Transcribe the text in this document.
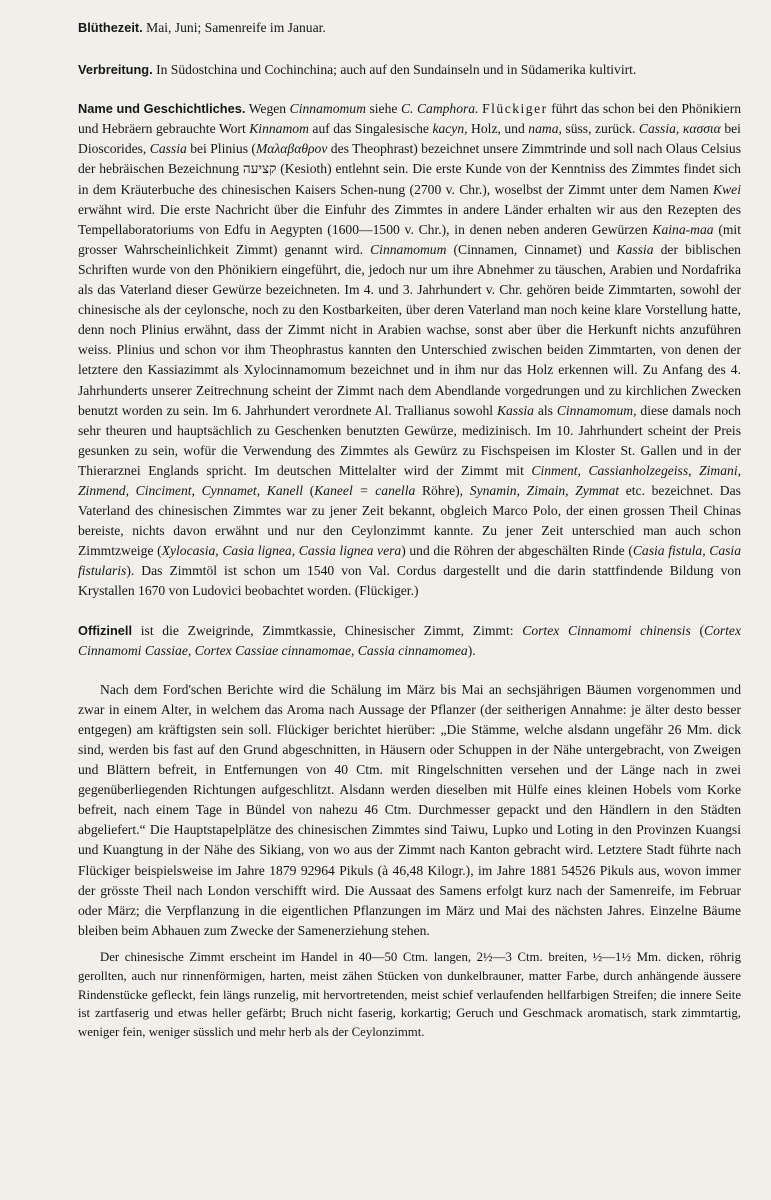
Blüthezeit. Mai, Juni; Samenreife im Januar.

Verbreitung. In Südostchina und Cochinchina; auch auf den Sundainseln und in Südamerika kultivirt.

Name und Geschichtliches. Wegen Cinnamomum siehe C. Camphora. Flückiger führt das schon bei den Phönikiern und Hebräern gebrauchte Wort Kinnamom auf das Singalesische kacyn, Holz, und nama, süss, zurück. Cassia, κασσια bei Dioscorides, Cassia bei Plinius (Μαλαβαθρον des Theophrast) bezeichnet unsere Zimmtrinde und soll nach Olaus Celsius der hebräischen Bezeichnung קציעה (Kesioth) entlehnt sein. Die erste Kunde von der Kenntniss des Zimmtes findet sich in dem Kräuterbuche des chinesischen Kaisers Schen-nung (2700 v. Chr.), woselbst der Zimmt unter dem Namen Kwei erwähnt wird. Die erste Nachricht über die Einfuhr des Zimmtes in andere Länder erhalten wir aus den Rezepten des Tempellaboratoriums von Edfu in Aegypten (1600—1500 v. Chr.), in denen neben anderen Gewürzen Kaina-maa (mit grosser Wahrscheinlichkeit Zimmt) genannt wird. Cinnamomum (Cinnamen, Cinnamet) und Kassia der biblischen Schriften wurde von den Phönikiern eingeführt, die, jedoch nur um ihre Abnehmer zu täuschen, Arabien und Nordafrika als das Vaterland dieser Gewürze bezeichneten. Im 4. und 3. Jahrhundert v. Chr. gehören beide Zimmtarten, sowohl der chinesische als der ceylonsche, noch zu den Kostbarkeiten, über deren Vaterland man noch keine klare Vorstellung hatte, denn noch Plinius erwähnt, dass der Zimmt nicht in Arabien wachse, sonst aber über die Herkunft nichts anzuführen weiss. Plinius und schon vor ihm Theophrastus kannten den Unterschied zwischen beiden Zimmtarten, von denen der letztere den Kassiazimmt als Xylocinnamomum bezeichnet und in ihm nur das Holz erkennen will. Zu Anfang des 4. Jahrhunderts unserer Zeitrechnung scheint der Zimmt nach dem Abendlande vorgedrungen und zu kirchlichen Zwecken benutzt worden zu sein. Im 6. Jahrhundert verordnete Al. Trallianus sowohl Kassia als Cinnamomum, diese damals noch sehr theuren und hauptsächlich zu Geschenken benutzten Gewürze, medizinisch. Im 10. Jahrhundert scheint der Preis gesunken zu sein, wofür die Verwendung des Zimmtes als Gewürz zu Fischspeisen im Kloster St. Gallen und in der Thierarznei Englands spricht. Im deutschen Mittelalter wird der Zimmt mit Cinment, Cassianholzegeiss, Zimani, Zinmend, Cinciment, Cynnamet, Kanell (Kaneel = canella Röhre), Synamin, Zimain, Zymmat etc. bezeichnet. Das Vaterland des chinesischen Zimmtes war zu jener Zeit bekannt, obgleich Marco Polo, der einen grossen Theil Chinas bereiste, nichts davon erwähnt und nur den Ceylonzimmt kannte. Zu jener Zeit unterschied man auch schon Zimmtzweige (Xylocasia, Casia lignea, Cassia lignea vera) und die Röhren der abgeschälten Rinde (Casia fistula, Casia fistularis). Das Zimmtöl ist schon um 1540 von Val. Cordus dargestellt und die darin stattfindende Bildung von Krystallen 1670 von Ludovici beobachtet worden. (Flückiger.)

Offizinell ist die Zweigrinde, Zimmtkassie, Chinesischer Zimmt, Zimmt: Cortex Cinnamomi chinensis (Cortex Cinnamomi Cassiae, Cortex Cassiae cinnamomae, Cassia cinnamomea).

Nach dem Ford'schen Berichte wird die Schälung im März bis Mai an sechsjährigen Bäumen vorgenommen und zwar in einem Alter, in welchem das Aroma nach Aussage der Pflanzer (der seitherigen Annahme: je älter desto besser entgegen) am kräftigsten sein soll. Flückiger berichtet hierüber: „Die Stämme, welche alsdann ungefähr 26 Mm. dick sind, werden bis fast auf den Grund abgeschnitten, in Häusern oder Schuppen in der Nähe untergebracht, von Zweigen und Blättern befreit, in Entfernungen von 40 Ctm. mit Ringelschnitten versehen und der Länge nach in zwei gegenüberliegenden Richtungen aufgeschlitzt. Alsdann werden dieselben mit Hülfe eines kleinen Hobels vom Korke befreit, nach einem Tage in Bündel von nahezu 46 Ctm. Durchmesser gepackt und den Händlern in den Städten abgeliefert.“ Die Hauptstapelplätze des chinesischen Zimmtes sind Taiwu, Lupko und Loting in den Provinzen Kuangsi und Kuangtung in der Nähe des Sikiang, von wo aus der Zimmt nach Kanton gebracht wird. Letztere Stadt führte nach Flückiger beispielsweise im Jahre 1879 92964 Pikuls (à 46,48 Kilogr.), im Jahre 1881 54526 Pikuls aus, wovon immer der grösste Theil nach London verschifft wird. Die Aussaat des Samens erfolgt kurz nach der Samenreife, im Februar oder März; die Verpflanzung in die eigentlichen Pflanzungen im März und Mai des nächsten Jahres. Einzelne Bäume bleiben beim Abhauen zum Zwecke der Samenerziehung stehen.

Der chinesische Zimmt erscheint im Handel in 40—50 Ctm. langen, 2½—3 Ctm. breiten, ½—1½ Mm. dicken, röhrig gerollten, auch nur rinnenförmigen, harten, meist zähen Stücken von dunkelbrauner, matter Farbe, durch anhängende äussere Rindenstücke gefleckt, fein längs runzelig, mit hervortretenden, meist schief verlaufenden hellfarbigen Streifen; die innere Seite ist zartfaserig und etwas heller gefärbt; Bruch nicht faserig, korkartig; Geruch und Geschmack aromatisch, stark zimmtartig, weniger fein, weniger süsslich und mehr herb als der Ceylonzimmt.
